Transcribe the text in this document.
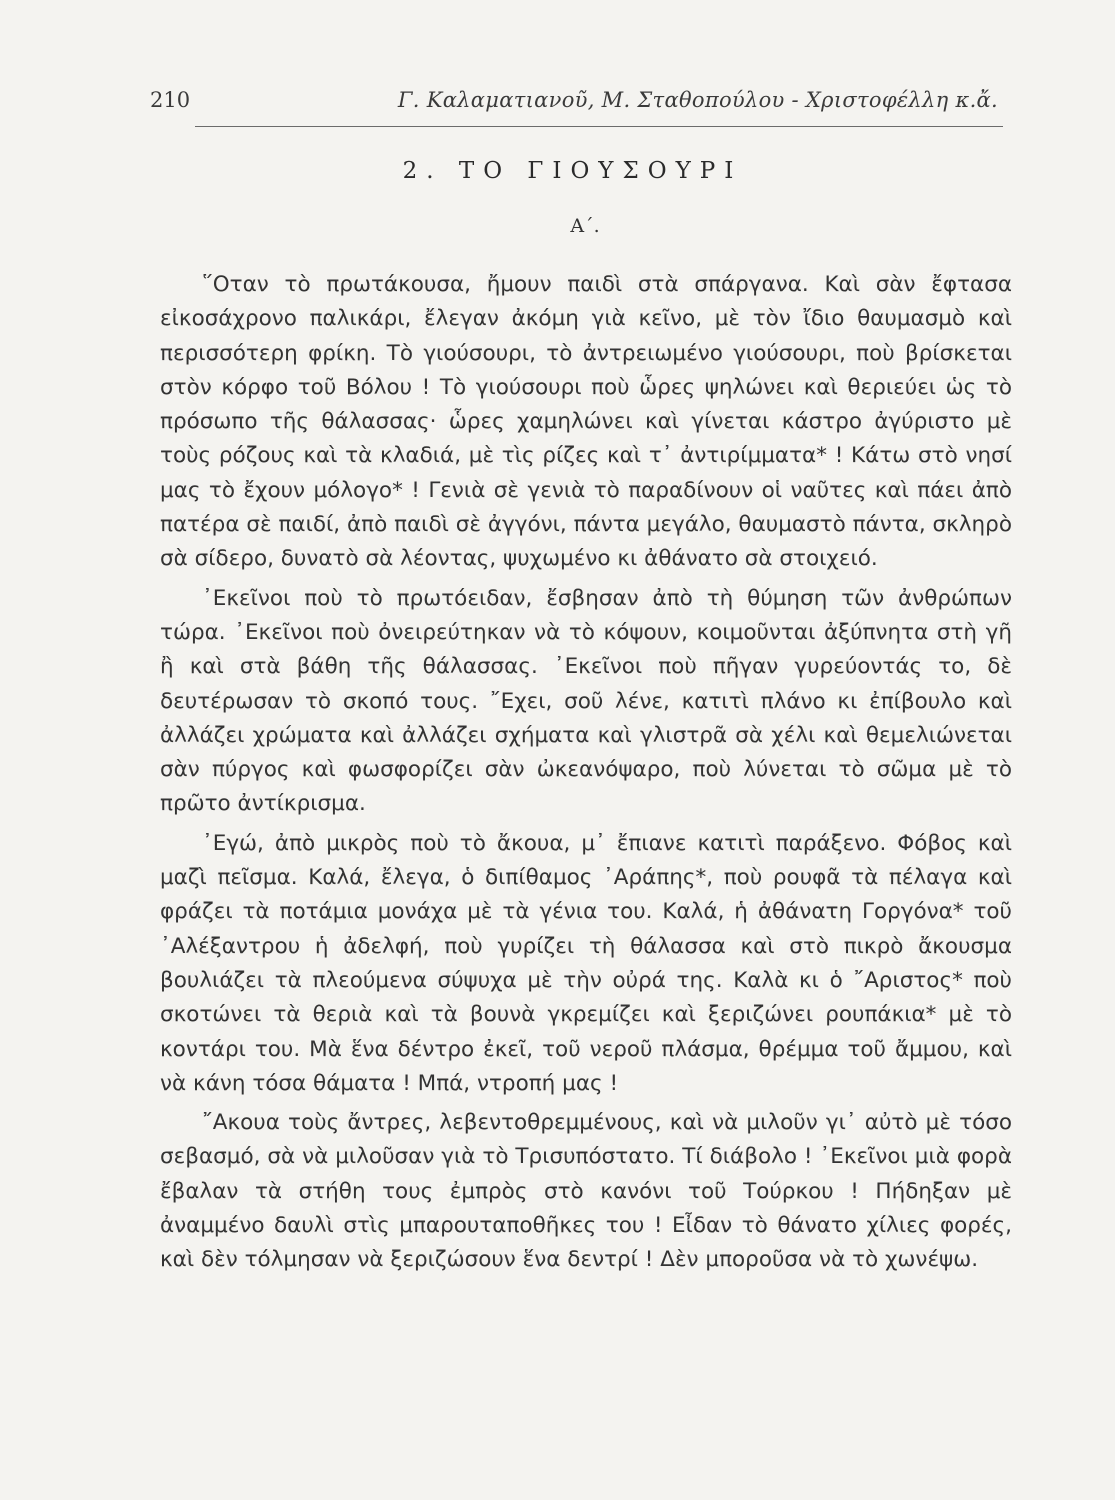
210	Γ. Καλαματιανοῦ, Μ. Σταθοπούλου - Χριστοφέλλη κ.ἄ.
2. ΤΟ ΓΙΟΥΣΟΥΡΙ
Α΄.

῞Οταν τὸ πρωτάκουσα, ἤμουν παιδὶ στὰ σπάργανα. Καὶ σὰν ἔφτασα εἰκοσάχρονο παλικάρι, ἔλεγαν ἀκόμη γιὰ κεῖνο, μὲ τὸν ἴδιο θαυμασμὸ καὶ περισσότερη φρίκη. Τὸ γιούσουρι, τὸ ἀντρειωμένο γιούσουρι, ποὺ βρίσκεται στὸν κόρφο τοῦ Βόλου ! Τὸ γιούσουρι ποὺ ὧρες ψηλώνει καὶ θεριεύει ὡς τὸ πρόσωπο τῆς θάλασσας· ὧρες χαμηλώνει καὶ γίνεται κάστρο ἀγύριστο μὲ τοὺς ρόζους καὶ τὰ κλαδιά, μὲ τὶς ρίζες καὶ τ᾿ ἀντιρίμματα* ! Κάτω στὸ νησί μας τὸ ἔχουν μόλογο* ! Γενιὰ σὲ γενιὰ τὸ παραδίνουν οἱ ναῦτες καὶ πάει ἀπὸ πατέρα σὲ παιδί, ἀπὸ παιδὶ σὲ ἀγγόνι, πάντα μεγάλο, θαυμαστὸ πάντα, σκληρὸ σὰ σίδερο, δυνατὸ σὰ λέοντας, ψυχωμένο κι ἀθάνατο σὰ στοιχειό.

᾿Εκεῖνοι ποὺ τὸ πρωτόειδαν, ἔσβησαν ἀπὸ τὴ θύμηση τῶν ἀνθρώπων τώρα. ᾿Εκεῖνοι ποὺ ὀνειρεύτηκαν νὰ τὸ κόψουν, κοιμοῦνται ἀξύπνητα στὴ γῆ ἢ καὶ στὰ βάθη τῆς θάλασσας. ᾿Εκεῖνοι ποὺ πῆγαν γυρεύοντάς το, δὲ δευτέρωσαν τὸ σκοπό τους. ῎Εχει, σοῦ λένε, κατιτὶ πλάνο κι ἐπίβουλο καὶ ἀλλάζει χρώματα καὶ ἀλλάζει σχήματα καὶ γλιστρᾶ σὰ χέλι καὶ θεμελιώνεται σὰν πύργος καὶ φωσφορίζει σὰν ὠκεανόψαρο, ποὺ λύνεται τὸ σῶμα μὲ τὸ πρῶτο ἀντίκρισμα.

᾿Εγώ, ἀπὸ μικρὸς ποὺ τὸ ἄκουα, μ᾿ ἔπιανε κατιτὶ παράξενο. Φόβος καὶ μαζὶ πεῖσμα. Καλά, ἔλεγα, ὁ διπίθαμος ᾿Αράπης*, ποὺ ρουφᾶ τὰ πέλαγα καὶ φράζει τὰ ποτάμια μονάχα μὲ τὰ γένια του. Καλά, ἡ ἀθάνατη Γοργόνα* τοῦ ᾿Αλέξαντρου ἡ ἀδελφή, ποὺ γυρίζει τὴ θάλασσα καὶ στὸ πικρὸ ἄκουσμα βουλιάζει τὰ πλεούμενα σύψυχα μὲ τὴν οὐρά της. Καλὰ κι ὁ ῎Αριστος* ποὺ σκοτώνει τὰ θεριὰ καὶ τὰ βουνὰ γκρεμίζει καὶ ξεριζώνει ρουπάκια* μὲ τὸ κοντάρι του. Μὰ ἕνα δέντρο ἐκεῖ, τοῦ νεροῦ πλάσμα, θρέμμα τοῦ ἄμμου, καὶ νὰ κάνη τόσα θάματα ! Μπά, ντροπή μας !

῎Ακουα τοὺς ἄντρες, λεβεντοθρεμμένους, καὶ νὰ μιλοῦν γι᾿ αὐτὸ μὲ τόσο σεβασμό, σὰ νὰ μιλοῦσαν γιὰ τὸ Τρισυπόστατο. Τί διάβολο ! ᾿Εκεῖνοι μιὰ φορὰ ἔβαλαν τὰ στήθη τους ἐμπρὸς στὸ κανόνι τοῦ Τούρκου ! Πήδηξαν μὲ ἀναμμένο δαυλὶ στὶς μπαρουταποθῆκες του ! Εἶδαν τὸ θάνατο χίλιες φορές, καὶ δὲν τόλμησαν νὰ ξεριζώσουν ἕνα δεντρί ! Δὲν μποροῦσα νὰ τὸ χωνέψω.
